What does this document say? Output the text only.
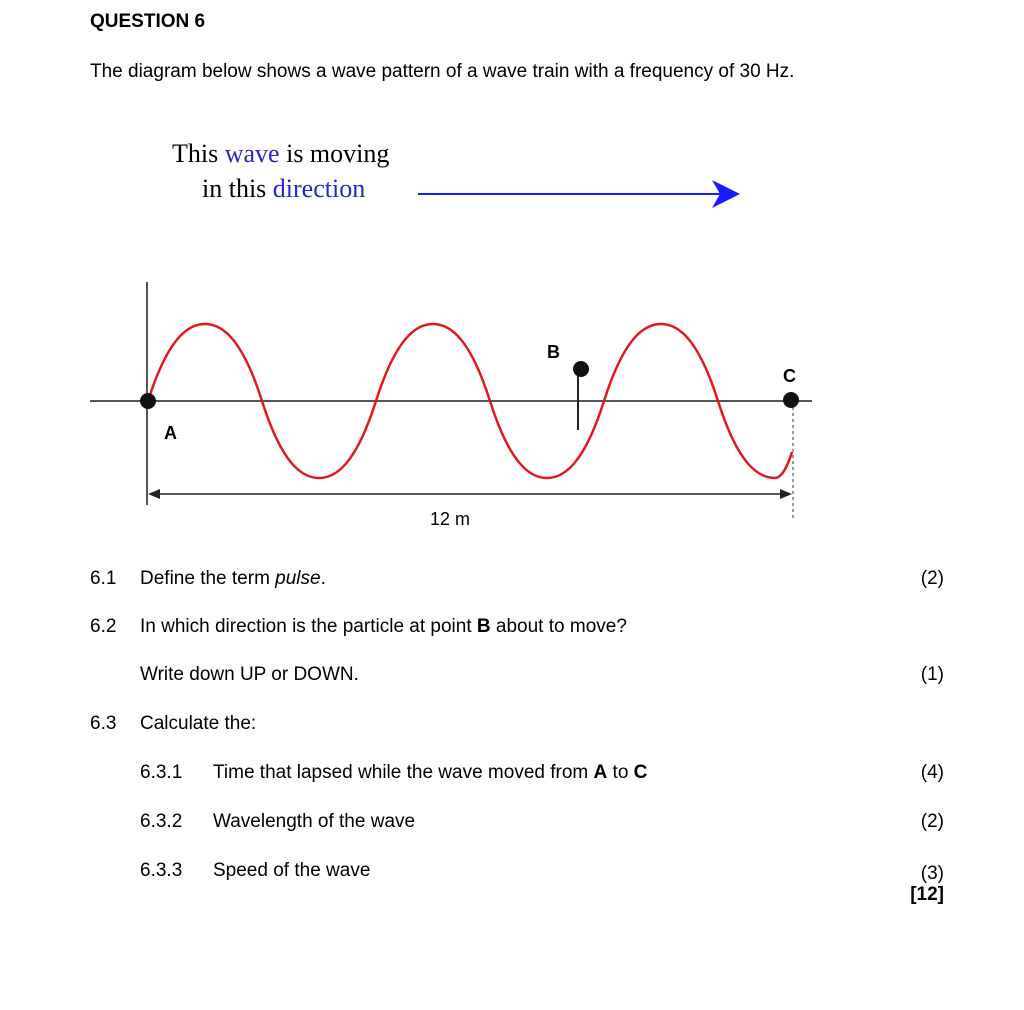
QUESTION 6
The diagram below shows a wave pattern of a wave train with a frequency of 30 Hz.
This wave is moving
in this direction
A
B
C
12 m
6.1 Define the term pulse.	(2)
6.2 In which direction is the particle at point B about to move?
Write down UP or DOWN.	(1)
6.3 Calculate the:
6.3.1 Time that lapsed while the wave moved from A to C	(4)
6.3.2 Wavelength of the wave	(2)
6.3.3 Speed of the wave	(3)
[12]
